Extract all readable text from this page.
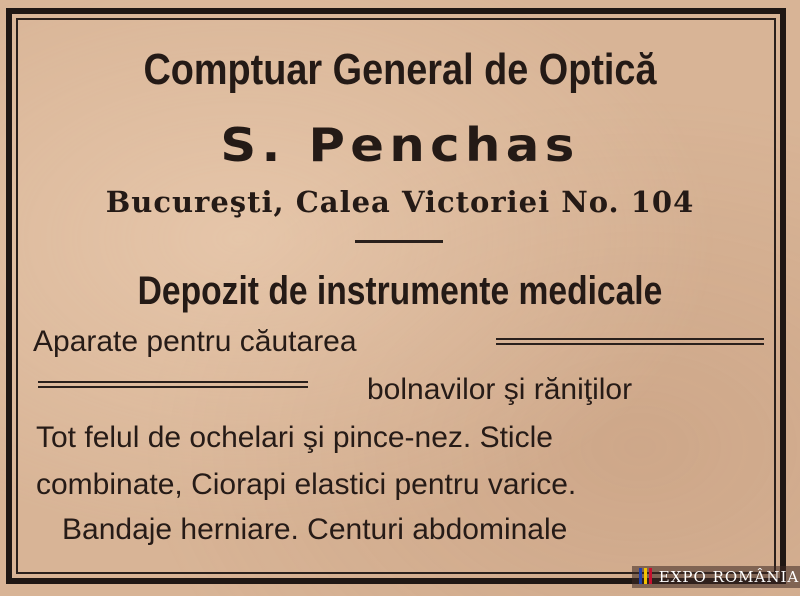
Comptuar General de Optică
S. Penchas
Bucureşti, Calea Victoriei No. 104
Depozit de instrumente medicale
Aparate pentru căutarea
bolnavilor şi răniţilor
Tot felul de ochelari şi pince-nez. Sticle
combinate, Ciorapi elastici pentru varice.
Bandaje herniare. Centuri abdominale
EXPO ROMÂNIA
